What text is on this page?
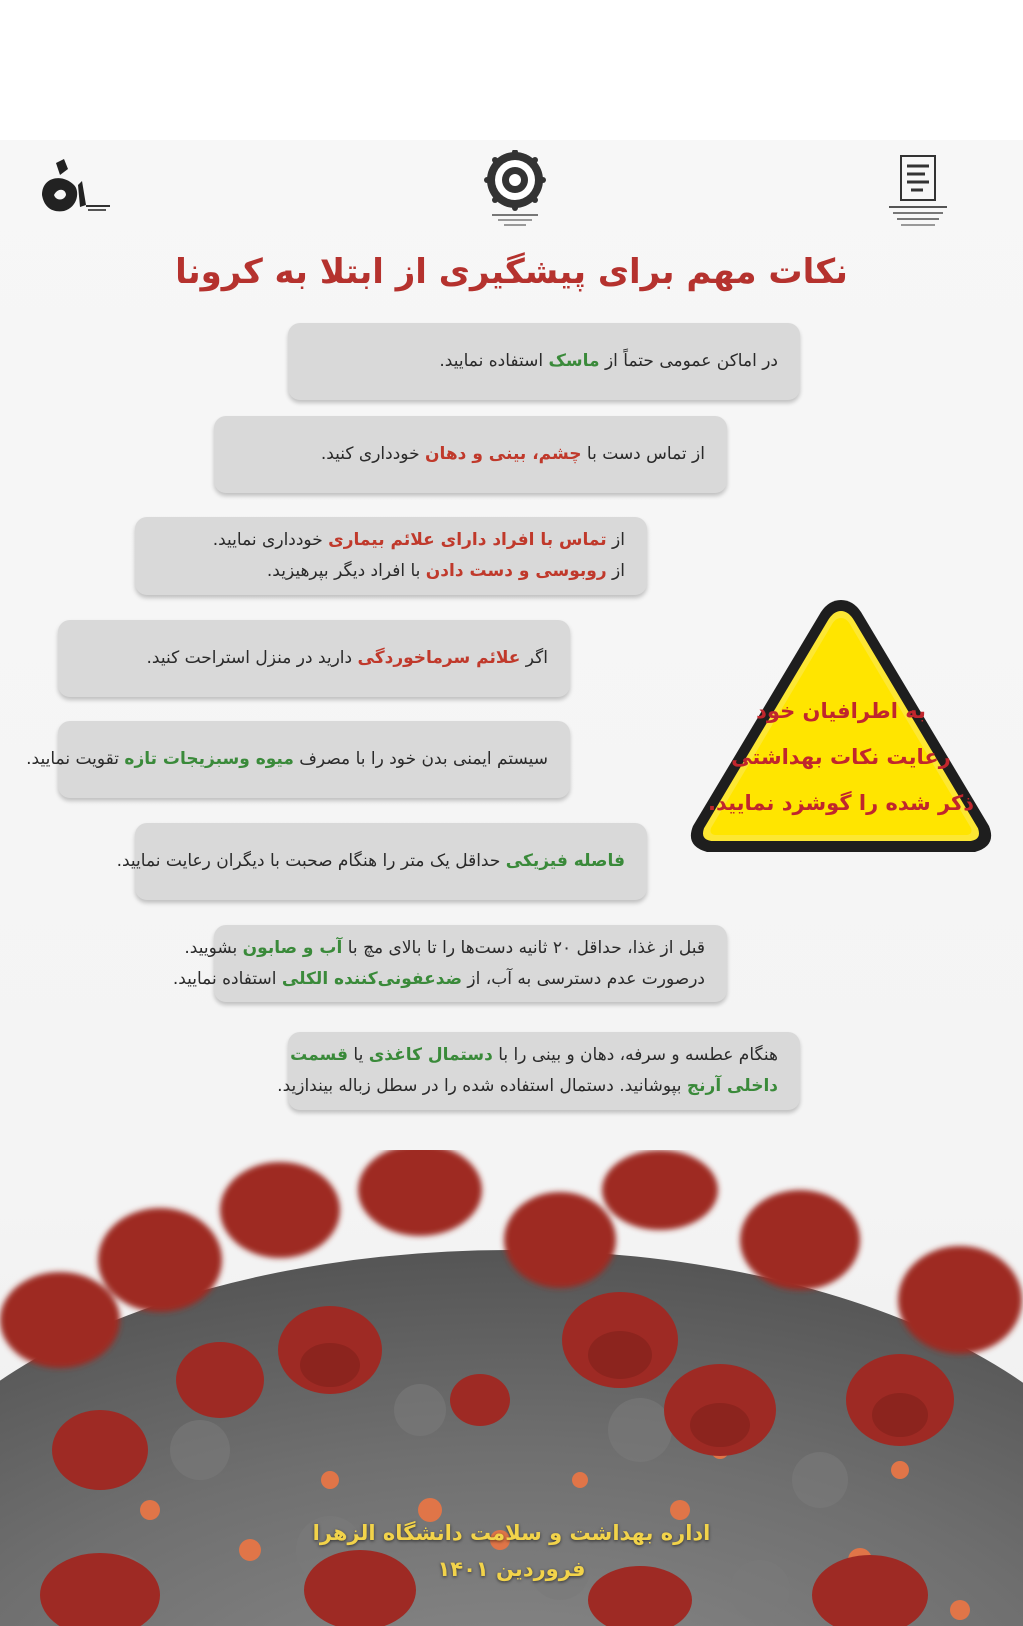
نکات مهم برای پیشگیری از ابتلا به کرونا
در اماکن عمومی حتماً از ماسک استفاده نمایید.
از تماس دست با چشم، بینی و دهان خودداری کنید.
از تماس با افراد دارای علائم بیماری خودداری نمایید.
از روبوسی و دست دادن با افراد دیگر بپرهیزید.
اگر علائم سرماخوردگی دارید در منزل استراحت کنید.
سیستم ایمنی بدن خود را با مصرف میوه وسبزیجات تازه تقویت نمایید.
فاصله فیزیکی حداقل یک متر را هنگام صحبت با دیگران رعایت نمایید.
قبل از غذا، حداقل ۲۰ ثانیه دست‌ها را تا بالای مچ با آب و صابون بشویید.
درصورت عدم دسترسی به آب، از ضدعفونی‌کننده الکلی استفاده نمایید.
هنگام عطسه و سرفه، دهان و بینی را با دستمال کاغذی یا قسمت
داخلی آرنج بپوشانید. دستمال استفاده شده را در سطل زباله بیندازید.
به اطرافیان خود
رعایت نکات بهداشتی
ذکر شده را گوشزد نمایید.
اداره بهداشت و سلامت دانشگاه الزهرا
فروردین ۱۴۰۱
